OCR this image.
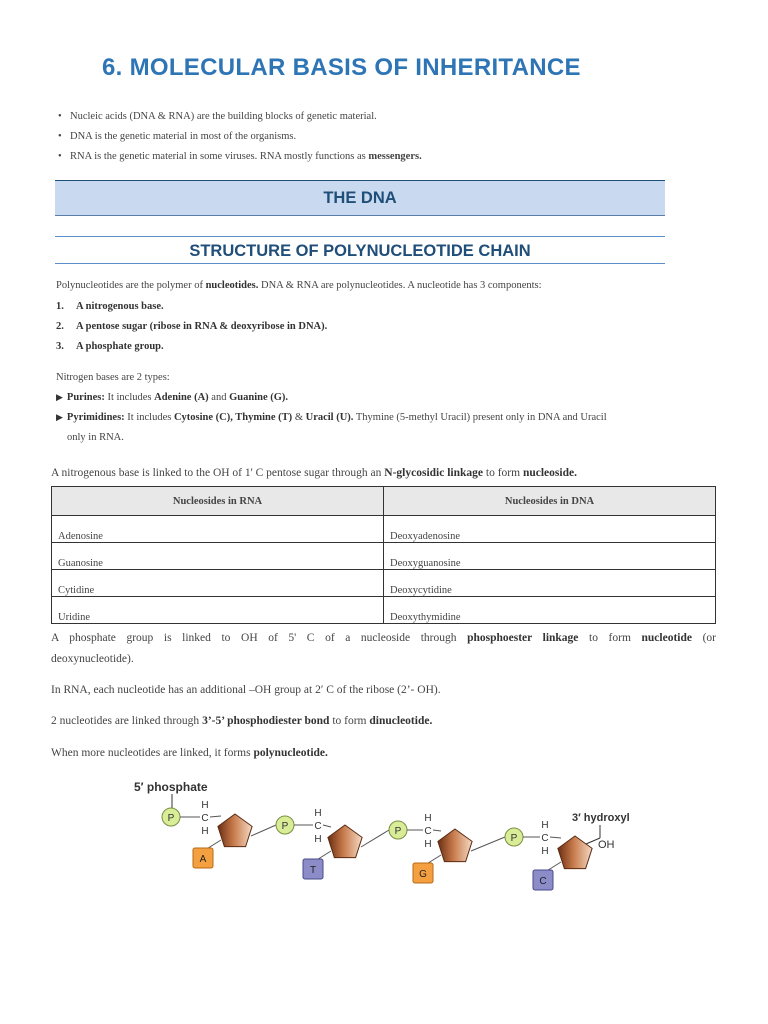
6. MOLECULAR BASIS OF INHERITANCE
• Nucleic acids (DNA & RNA) are the building blocks of genetic material.
• DNA is the genetic material in most of the organisms.
• RNA is the genetic material in some viruses. RNA mostly functions as messengers.
THE DNA
STRUCTURE OF POLYNUCLEOTIDE CHAIN

Polynucleotides are the polymer of nucleotides. DNA & RNA are polynucleotides. A nucleotide has 3 components:

1. A nitrogenous base.
2. A pentose sugar (ribose in RNA & deoxyribose in DNA).
3. A phosphate group.

Nitrogen bases are 2 types:

▶ Purines: It includes Adenine (A) and Guanine (G).

▶ Pyrimidines: It includes Cytosine (C), Thymine (T) & Uracil (U). Thymine (5-methyl Uracil) present only in DNA and Uracil

only in RNA.

A nitrogenous base is linked to the OH of 1' C pentose sugar through an N-glycosidic linkage to form nucleoside.

Nucleosides in RNA	Nucleosides in DNA
Adenosine	Deoxyadenosine
Guanosine	Deoxyguanosine
Cytidine	Deoxycytidine
Uridine	Deoxythymidine

A phosphate group is linked to OH of 5' C of a nucleoside through phosphoester linkage to form nucleotide (or

deoxynucleotide).

In RNA, each nucleotide has an additional –OH group at 2′ C of the ribose (2’- OH).

2 nucleotides are linked through 3’-5’ phosphodiester bond to form dinucleotide.

When more nucleotides are linked, it forms polynucleotide.

5′ phosphate
3′ hydroxyl
OH
P
H
C
H
A
P
H
C
H
T
P
H
C
H
G
P
H
C
H
C
